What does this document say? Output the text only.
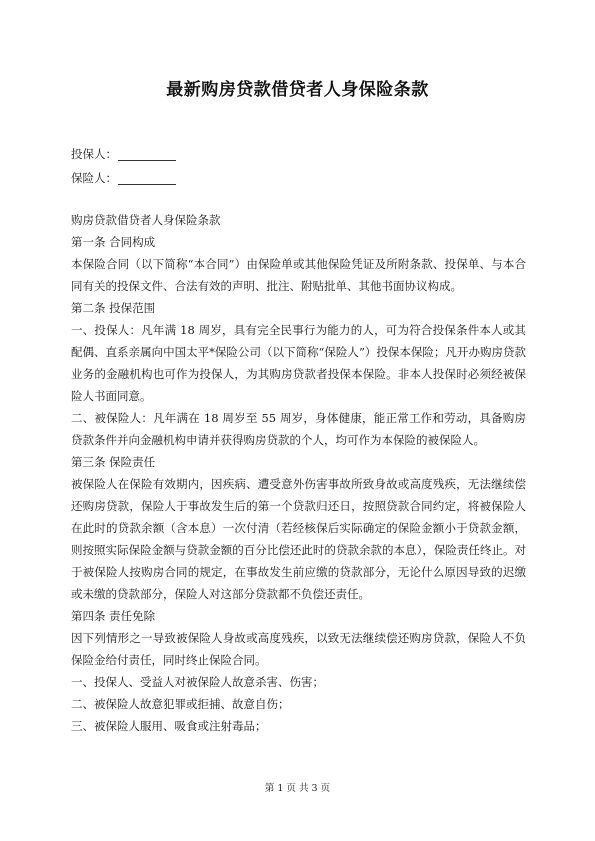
最新购房贷款借贷者人身保险条款
投保人：
保险人：

购房贷款借贷者人身保险条款

第一条 合同构成

本保险合同（以下简称“本合同”）由保险单或其他保险凭证及所附条款、投保单、与本合同有关的投保文件、合法有效的声明、批注、附贴批单、其他书面协议构成。

第二条 投保范围

一、投保人：凡年满 18 周岁，具有完全民事行为能力的人，可为符合投保条件本人或其配偶、直系亲属向中国太平*保险公司（以下简称“保险人”）投保本保险；凡开办购房贷款业务的金融机构也可作为投保人，为其购房贷款者投保本保险。非本人投保时必须经被保险人书面同意。

二、被保险人：凡年满在 18 周岁至 55 周岁，身体健康，能正常工作和劳动，具备购房贷款条件并向金融机构申请并获得购房贷款的个人，均可作为本保险的被保险人。

第三条 保险责任

被保险人在保险有效期内，因疾病、遭受意外伤害事故所致身故或高度残疾，无法继续偿还购房贷款，保险人于事故发生后的第一个贷款归还日，按照贷款合同约定，将被保险人在此时的贷款余额（含本息）一次付清（若经核保后实际确定的保险金额小于贷款金额，则按照实际保险金额与贷款金额的百分比偿还此时的贷款余款的本息），保险责任终止。对于被保险人按购房合同的规定，在事故发生前应缴的贷款部分，无论什么原因导致的迟缴或未缴的贷款部分，保险人对这部分贷款都不负偿还责任。

第四条 责任免除

因下列情形之一导致被保险人身故或高度残疾，以致无法继续偿还购房贷款，保险人不负保险金给付责任，同时终止保险合同。

一、投保人、受益人对被保险人故意杀害、伤害；

二、被保险人故意犯罪或拒捕、故意自伤；

三、被保险人服用、吸食或注射毒品；

第 1 页 共 3 页
